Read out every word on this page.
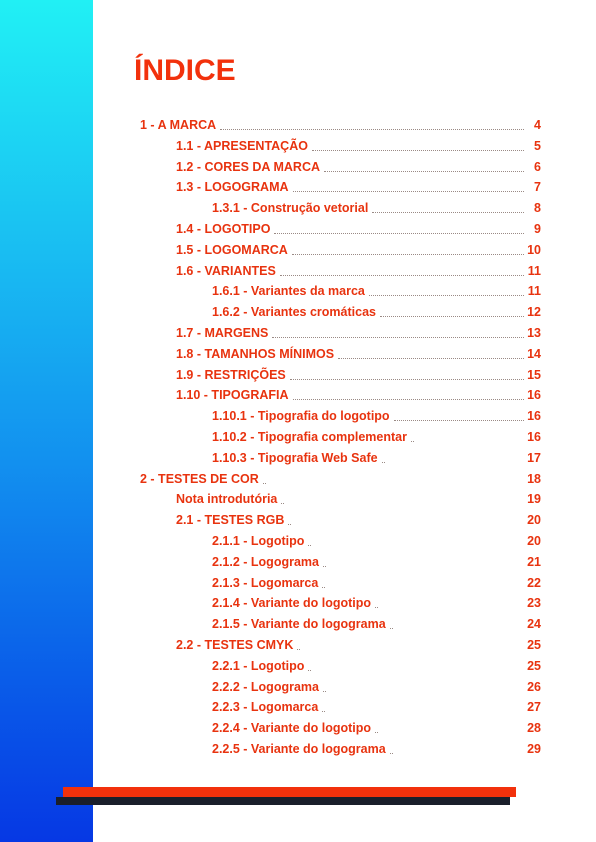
ÍNDICE
1 - A MARCA	4
1.1 - APRESENTAÇÃO	5
1.2 - CORES DA MARCA	6
1.3 - LOGOGRAMA	7
1.3.1 - Construção vetorial	8
1.4 - LOGOTIPO	9
1.5 - LOGOMARCA	10
1.6 - VARIANTES	11
1.6.1 - Variantes da marca	11
1.6.2 - Variantes cromáticas	12
1.7 - MARGENS	13
1.8 - TAMANHOS MÍNIMOS	14
1.9 - RESTRIÇÕES	15
1.10 - TIPOGRAFIA	16
1.10.1 - Tipografia do logotipo	16
1.10.2 - Tipografia complementar	16
1.10.3 - Tipografia Web Safe	17
2 - TESTES DE COR	18
Nota introdutória	19
2.1 - TESTES RGB	20
2.1.1 - Logotipo	20
2.1.2 - Logograma	21
2.1.3 - Logomarca	22
2.1.4 - Variante do logotipo	23
2.1.5 - Variante do logograma	24
2.2 - TESTES CMYK	25
2.2.1 - Logotipo	25
2.2.2 - Logograma	26
2.2.3 - Logomarca	27
2.2.4 - Variante do logotipo	28
2.2.5 - Variante do logograma	29
